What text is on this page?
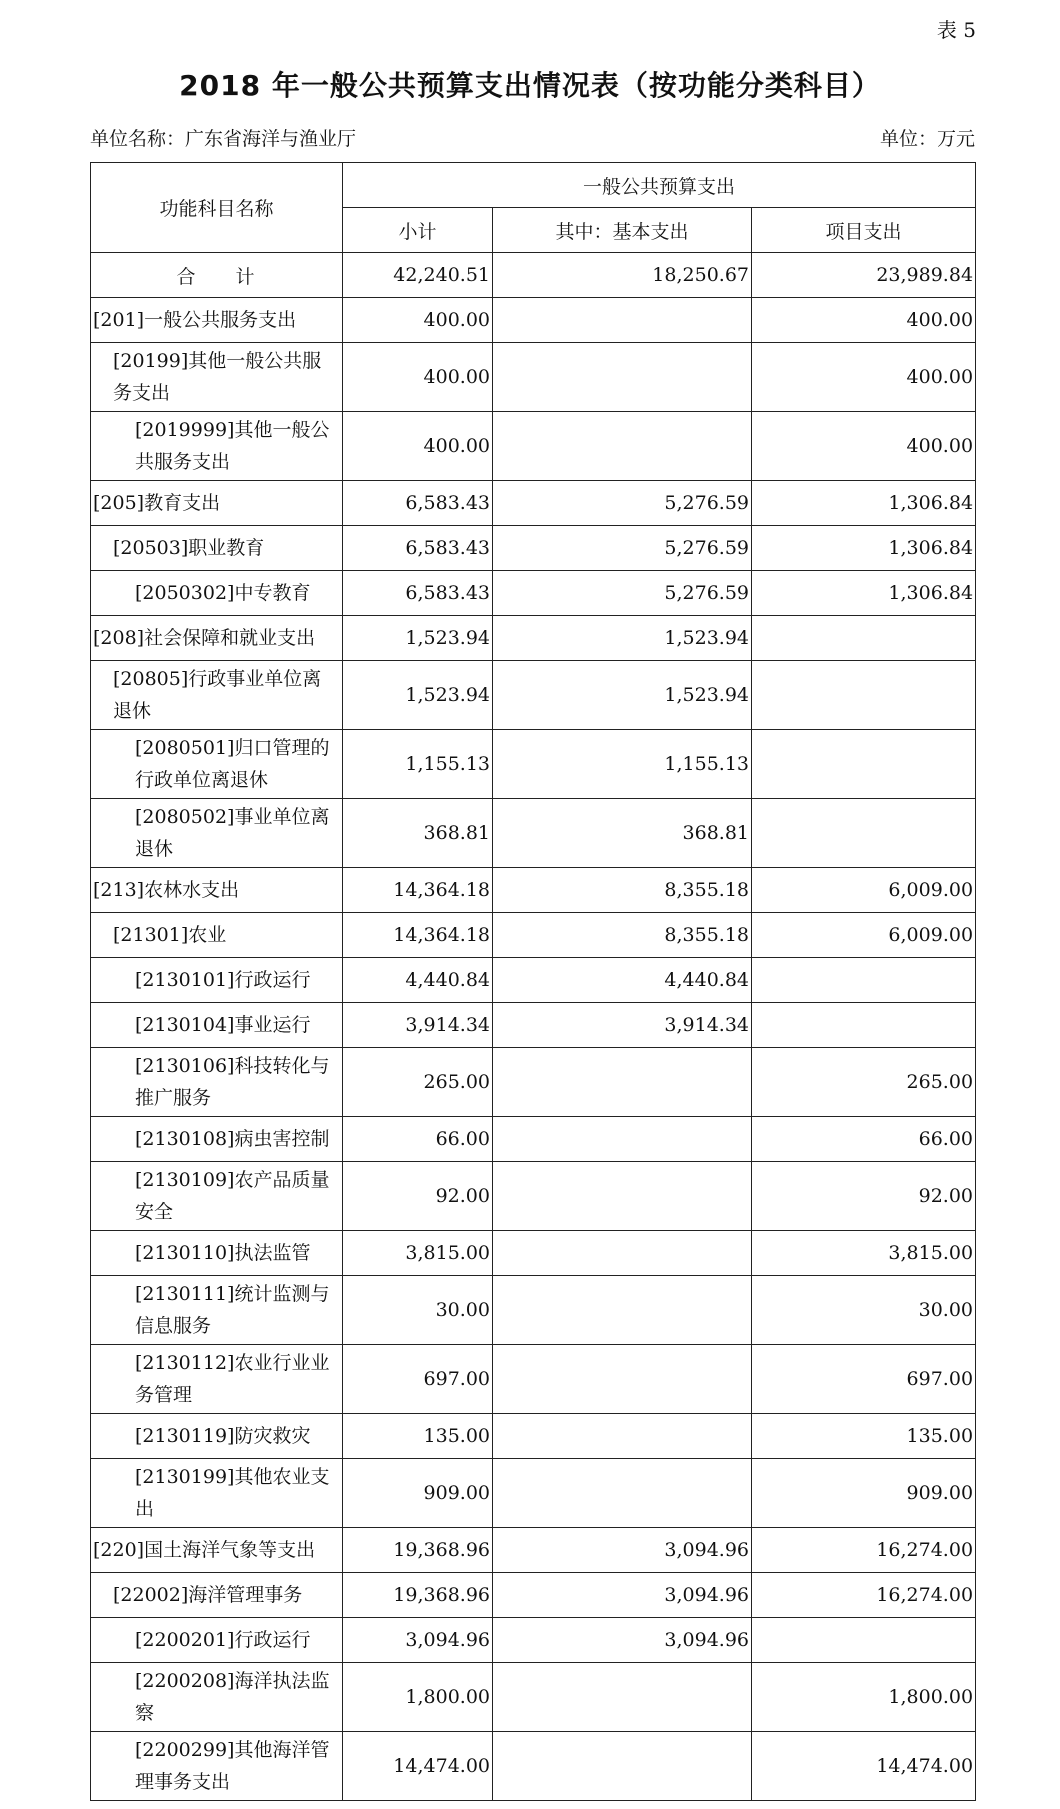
表 5
2018 年一般公共预算支出情况表（按功能分类科目）
单位名称：广东省海洋与渔业厅	单位：万元
功能科目名称	一般公共预算支出		
	小计	其中：基本支出	项目支出
合计	42,240.51	18,250.67	23,989.84
[201]一般公共服务支出	400.00		400.00
[20199]其他一般公共服务支出	400.00		400.00
[2019999]其他一般公共服务支出	400.00		400.00
[205]教育支出	6,583.43	5,276.59	1,306.84
[20503]职业教育	6,583.43	5,276.59	1,306.84
[2050302]中专教育	6,583.43	5,276.59	1,306.84
[208]社会保障和就业支出	1,523.94	1,523.94	
[20805]行政事业单位离退休	1,523.94	1,523.94	
[2080501]归口管理的行政单位离退休	1,155.13	1,155.13	
[2080502]事业单位离退休	368.81	368.81	
[213]农林水支出	14,364.18	8,355.18	6,009.00
[21301]农业	14,364.18	8,355.18	6,009.00
[2130101]行政运行	4,440.84	4,440.84	
[2130104]事业运行	3,914.34	3,914.34	
[2130106]科技转化与推广服务	265.00		265.00
[2130108]病虫害控制	66.00		66.00
[2130109]农产品质量安全	92.00		92.00
[2130110]执法监管	3,815.00		3,815.00
[2130111]统计监测与信息服务	30.00		30.00
[2130112]农业行业业务管理	697.00		697.00
[2130119]防灾救灾	135.00		135.00
[2130199]其他农业支出	909.00		909.00
[220]国土海洋气象等支出	19,368.96	3,094.96	16,274.00
[22002]海洋管理事务	19,368.96	3,094.96	16,274.00
[2200201]行政运行	3,094.96	3,094.96	
[2200208]海洋执法监察	1,800.00		1,800.00
[2200299]其他海洋管理事务支出	14,474.00		14,474.00
